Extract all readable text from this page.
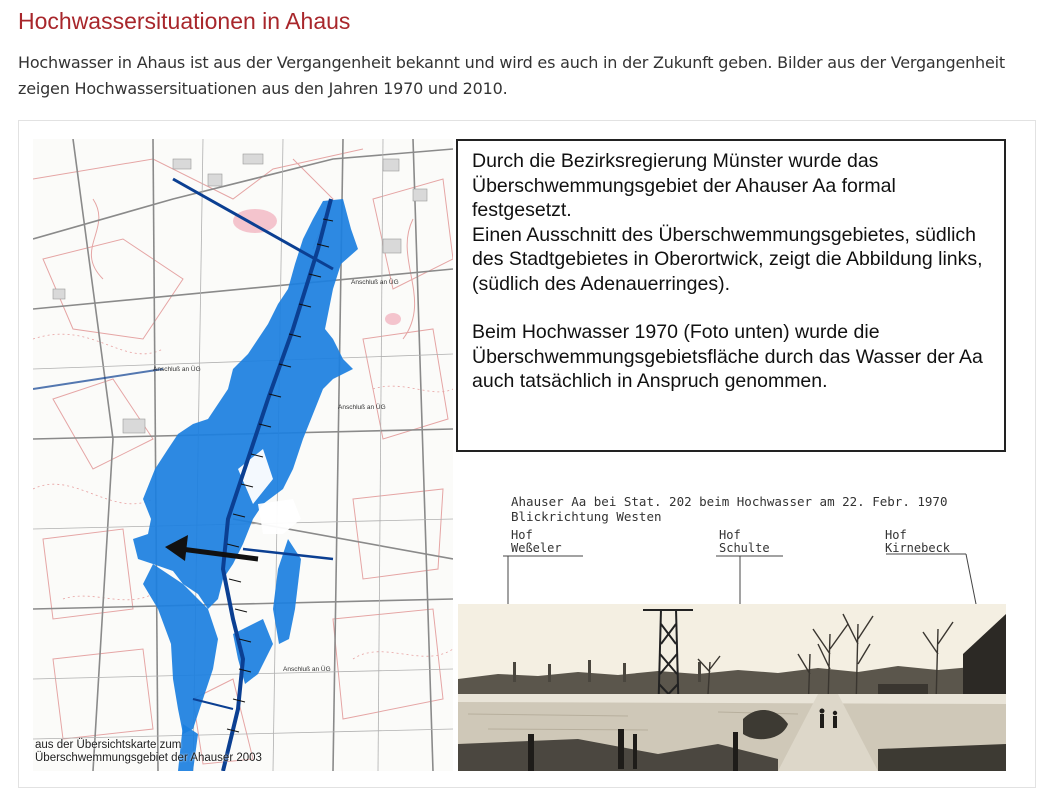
Hochwassersituationen in Ahaus

Hochwasser in Ahaus ist aus der Vergangenheit bekannt und wird es auch in der Zukunft geben. Bilder aus der Vergangenheit zeigen Hochwassersituationen aus den Jahren 1970 und 2010.

Anschluß an ÜG
Anschluß an ÜG
Anschluß an ÜG
Anschluß an ÜG
aus der Übersichtskarte zum
Überschwemmungsgebiet der Ahauser 2003

Durch die Bezirksregierung Münster wurde das Überschwemmungsgebiet der Ahauser Aa formal festgesetzt.
Einen Ausschnitt des Überschwemmungsgebietes, südlich des Stadtgebietes in Oberortwick, zeigt die Abbildung links, (südlich des Adenauerringes).

Beim Hochwasser 1970 (Foto unten) wurde die Überschwemmungsgebietsfläche durch das Wasser der Aa auch tatsächlich in Anspruch genommen.

Ahauser Aa bei Stat. 202 beim Hochwasser am 22. Febr. 1970
Blickrichtung Westen
Hof
Weßeler
Hof
Schulte
Hof
Kirnebeck
